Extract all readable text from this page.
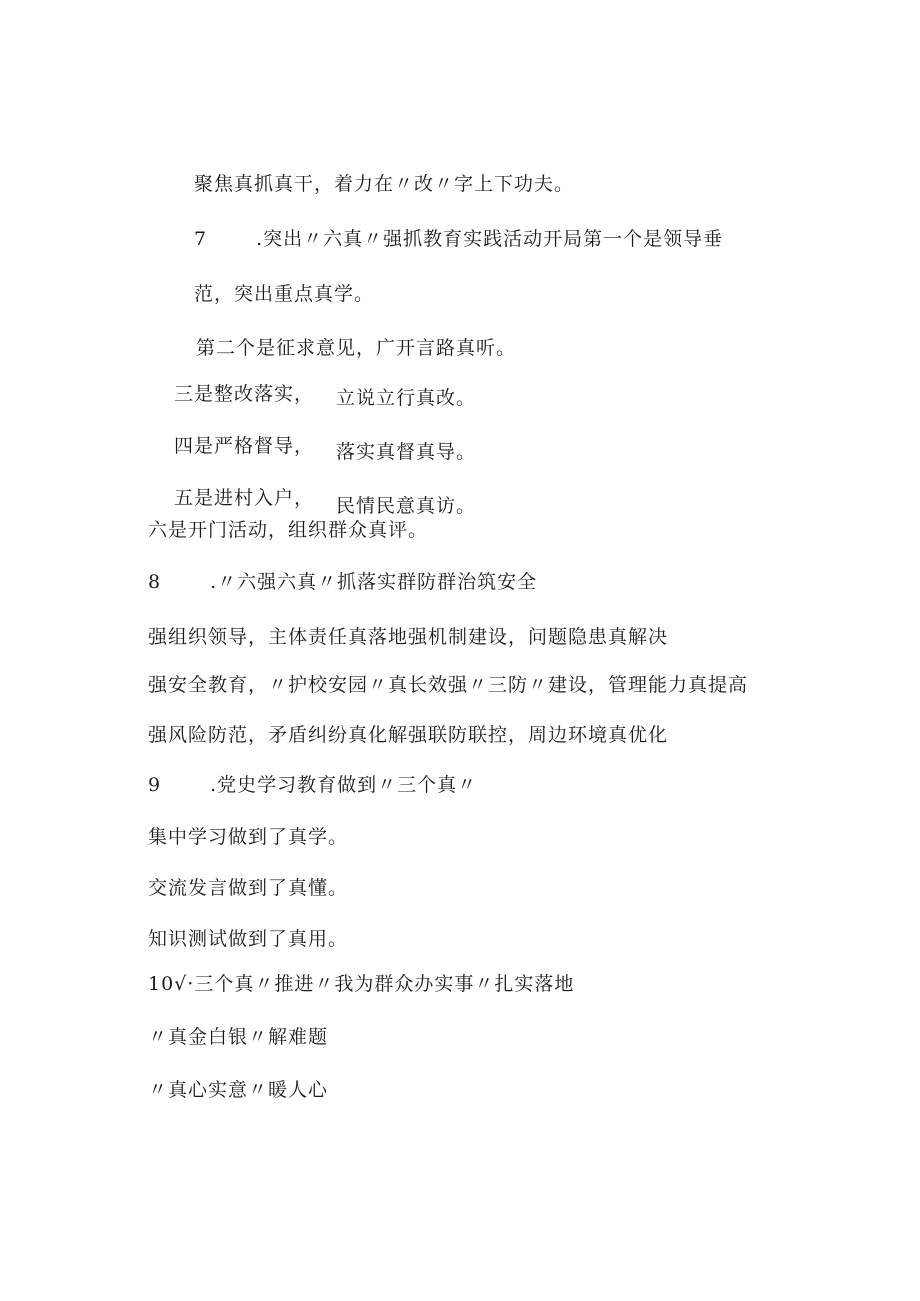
聚焦真抓真干，着力在〃改〃字上下功夫。
7	.突出〃六真〃强抓教育实践活动开局第一个是领导垂
范，突出重点真学。
第二个是征求意见，广开言路真听。
三是整改落实， 立说立行真改。
四是严格督导， 落实真督真导。
五是进村入户， 民情民意真访。
六是开门活动，组织群众真评。
8	.〃六强六真〃抓落实群防群治筑安全
强组织领导，主体责任真落地强机制建设，问题隐患真解决
强安全教育，〃护校安园〃真长效强〃三防〃建设，管理能力真提高
强风险防范，矛盾纠纷真化解强联防联控，周边环境真优化
9	.党史学习教育做到〃三个真〃
集中学习做到了真学。
交流发言做到了真懂。
知识测试做到了真用。
10√·三个真〃推进〃我为群众办实事〃扎实落地
〃真金白银〃解难题
〃真心实意〃暖人心
